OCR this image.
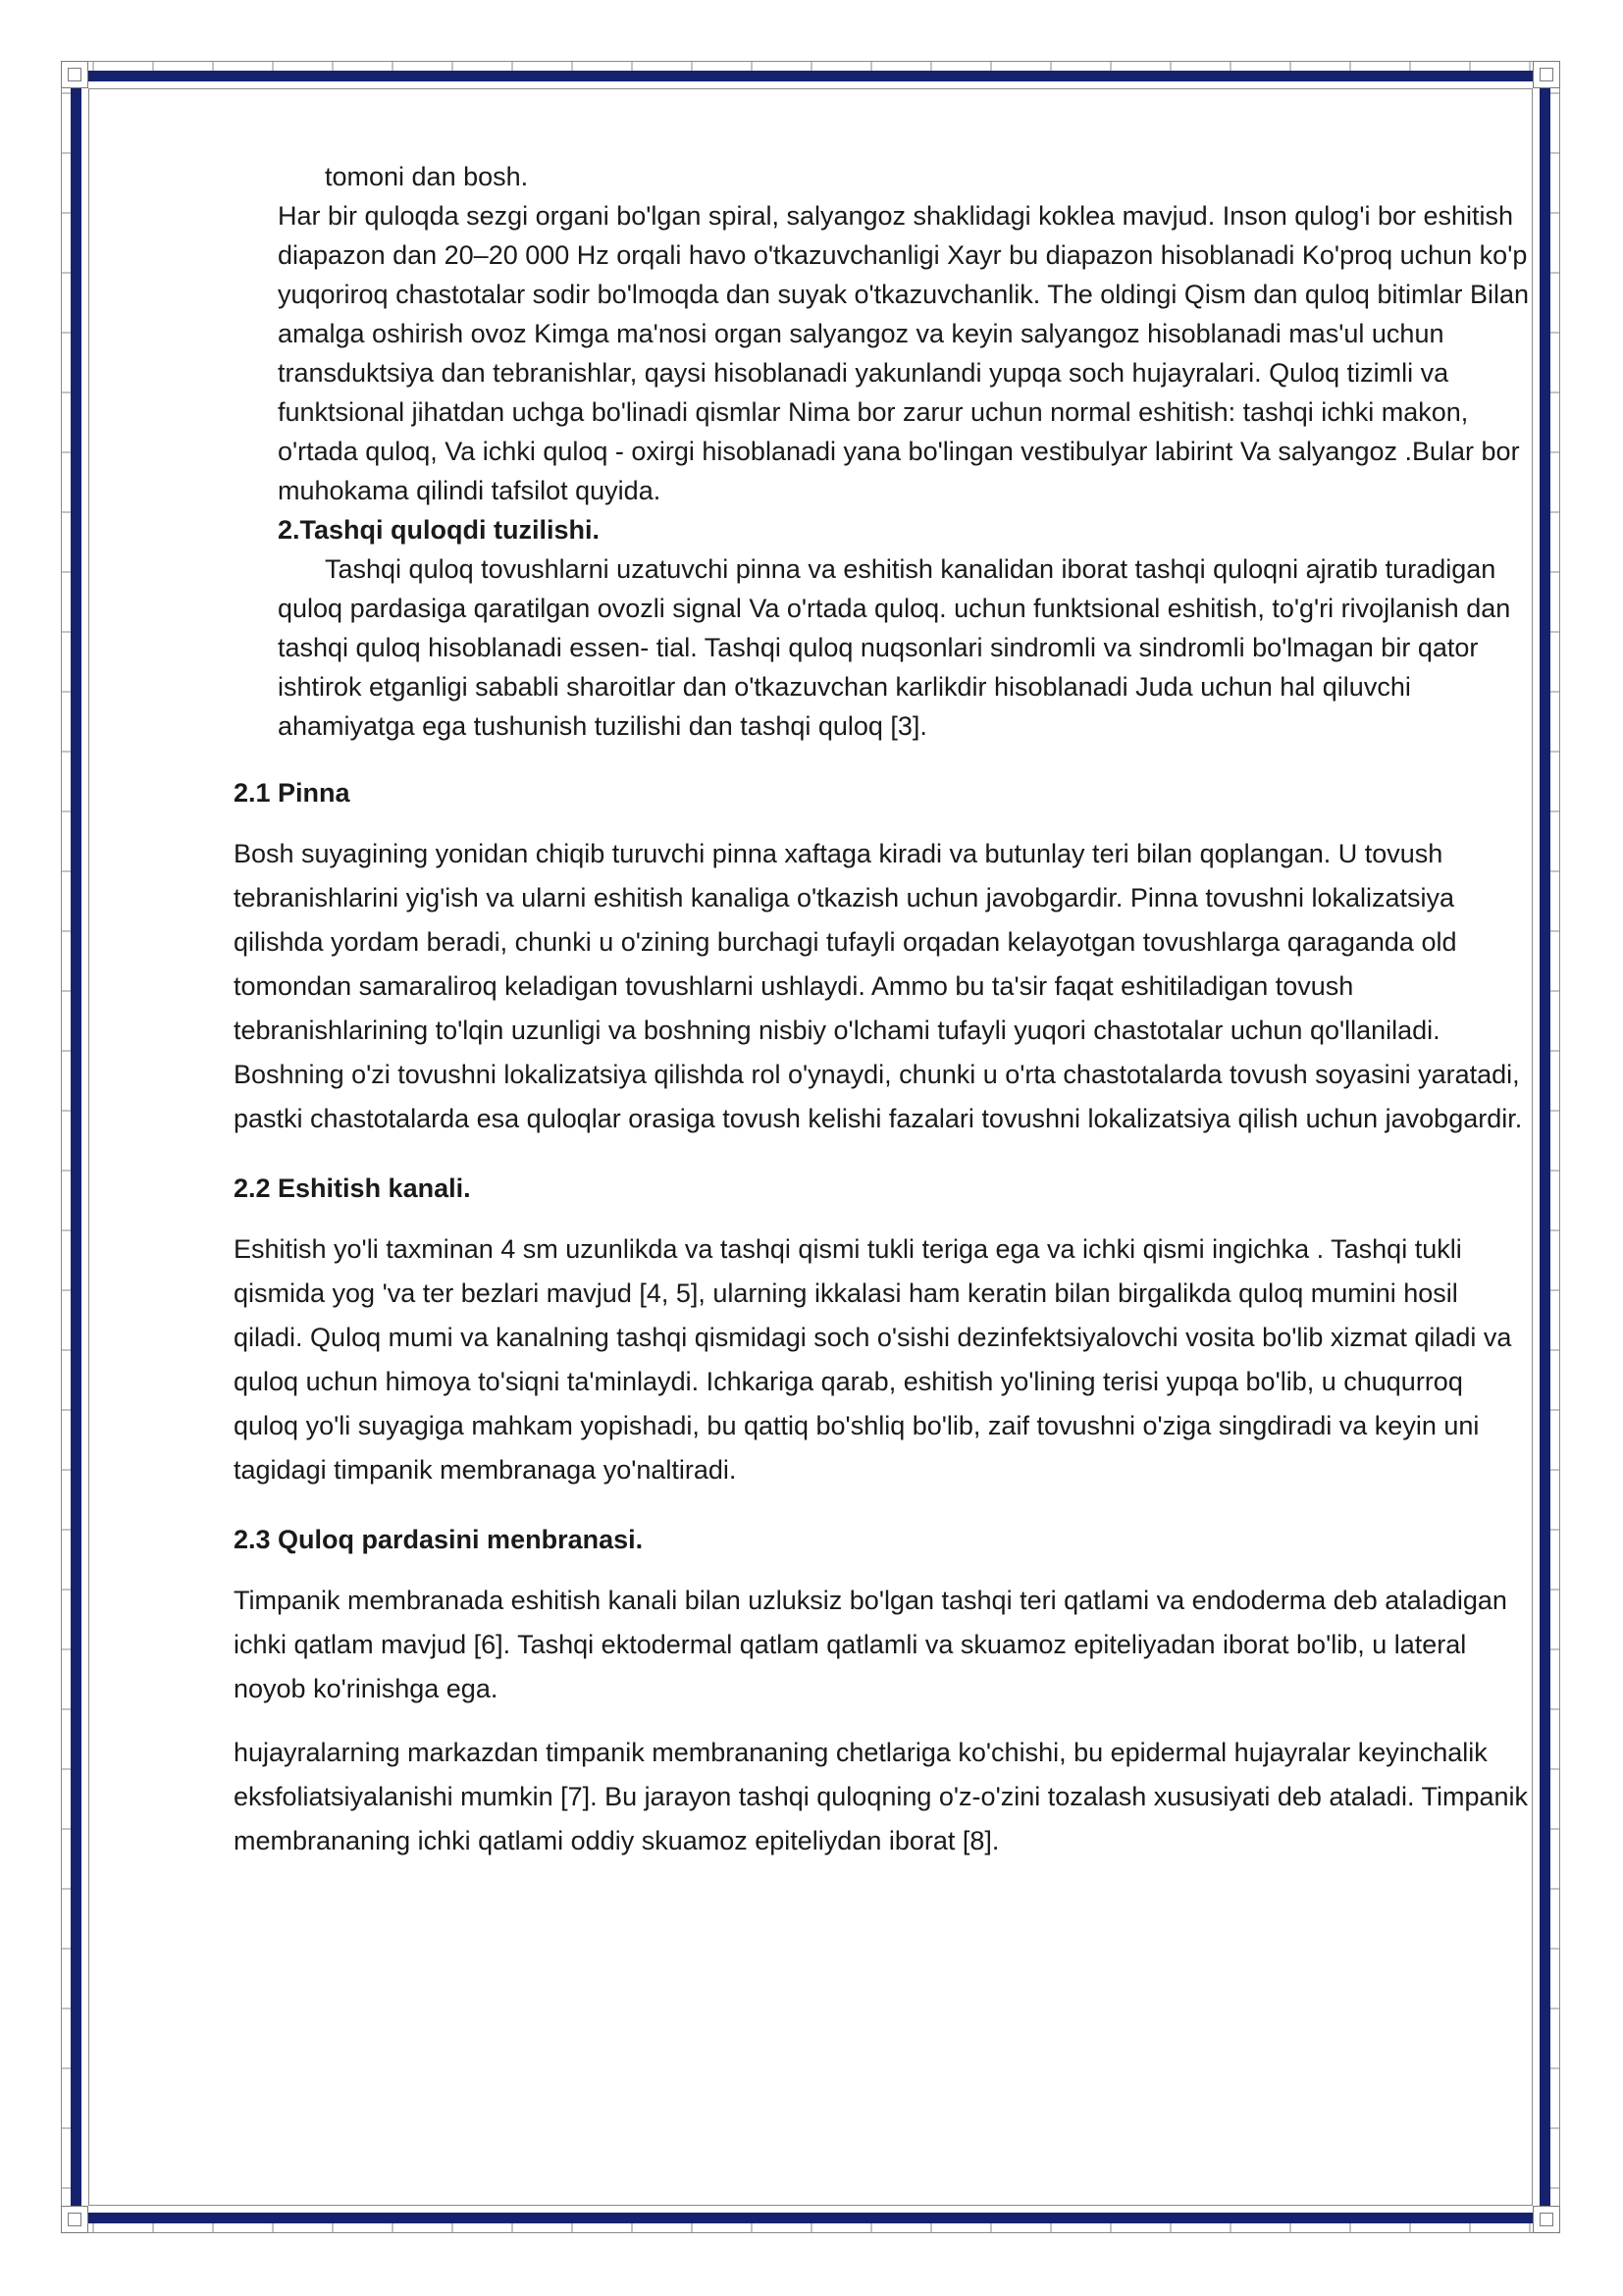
tomoni dan bosh.

Har bir quloqda sezgi organi bo'lgan spiral, salyangoz shaklidagi koklea mavjud. Inson qulog'i bor eshitish diapazon dan 20–20 000 Hz orqali havo o'tkazuvchanligi Xayr bu diapazon hisoblanadi Ko'proq uchun ko'p yuqoriroq chastotalar sodir bo'lmoqda dan suyak o'tkazuvchanlik. The oldingi Qism dan quloq bitimlar Bilan amalga oshirish ovoz Kimga ma'nosi organ salyangoz va keyin salyangoz hisoblanadi mas'ul uchun transduktsiya dan tebranishlar, qaysi hisoblanadi yakunlandi yupqa soch hujayralari. Quloq tizimli va funktsional jihatdan uchga bo'linadi qismlar Nima bor zarur uchun normal eshitish: tashqi ichki makon, o'rtada quloq, Va ichki quloq - oxirgi hisoblanadi yana bo'lingan vestibulyar labirint Va salyangoz .Bular bor muhokama qilindi tafsilot quyida.

2.Tashqi quloqdi tuzilishi.

Tashqi quloq tovushlarni uzatuvchi pinna va eshitish kanalidan iborat tashqi quloqni ajratib turadigan quloq pardasiga qaratilgan ovozli signal Va o'rtada quloq. uchun funktsional eshitish, to'g'ri rivojlanish dan tashqi quloq hisoblanadi essen- tial. Tashqi quloq nuqsonlari sindromli va sindromli bo'lmagan bir qator ishtirok etganligi sababli sharoitlar dan o'tkazuvchan karlikdir hisoblanadi Juda uchun hal qiluvchi ahamiyatga ega tushunish tuzilishi dan tashqi quloq [3].

2.1 Pinna

Bosh suyagining yonidan chiqib turuvchi pinna xaftaga kiradi va butunlay teri bilan qoplangan. U tovush tebranishlarini yig'ish va ularni eshitish kanaliga o'tkazish uchun javobgardir. Pinna tovushni lokalizatsiya qilishda yordam beradi, chunki u o'zining burchagi tufayli orqadan kelayotgan tovushlarga qaraganda old tomondan samaraliroq keladigan tovushlarni ushlaydi. Ammo bu ta'sir faqat eshitiladigan tovush tebranishlarining to'lqin uzunligi va boshning nisbiy o'lchami tufayli yuqori chastotalar uchun qo'llaniladi. Boshning o'zi tovushni lokalizatsiya qilishda rol o'ynaydi, chunki u o'rta chastotalarda tovush soyasini yaratadi, pastki chastotalarda esa quloqlar orasiga tovush kelishi fazalari tovushni lokalizatsiya qilish uchun javobgardir.

2.2 Eshitish kanali.

Eshitish yo'li taxminan 4 sm uzunlikda va tashqi qismi tukli teriga ega va ichki qismi ingichka . Tashqi tukli qismida yog 'va ter bezlari mavjud [4, 5], ularning ikkalasi ham keratin bilan birgalikda quloq mumini hosil qiladi. Quloq mumi va kanalning tashqi qismidagi soch o'sishi dezinfektsiyalovchi vosita bo'lib xizmat qiladi va quloq uchun himoya to'siqni ta'minlaydi. Ichkariga qarab, eshitish yo'lining terisi yupqa bo'lib, u chuqurroq quloq yo'li suyagiga mahkam yopishadi, bu qattiq bo'shliq bo'lib, zaif tovushni o'ziga singdiradi va keyin uni tagidagi timpanik membranaga yo'naltiradi.

2.3 Quloq pardasini menbranasi.

Timpanik membranada eshitish kanali bilan uzluksiz bo'lgan tashqi teri qatlami va endoderma deb ataladigan ichki qatlam mavjud [6]. Tashqi ektodermal qatlam qatlamli va skuamoz epiteliyadan iborat bo'lib, u lateral noyob ko'rinishga ega.

hujayralarning markazdan timpanik membrananing chetlariga ko'chishi, bu epidermal hujayralar keyinchalik eksfoliatsiyalanishi mumkin [7]. Bu jarayon tashqi quloqning o'z-o'zini tozalash xususiyati deb ataladi. Timpanik membrananing ichki qatlami oddiy skuamoz epiteliydan iborat [8].
